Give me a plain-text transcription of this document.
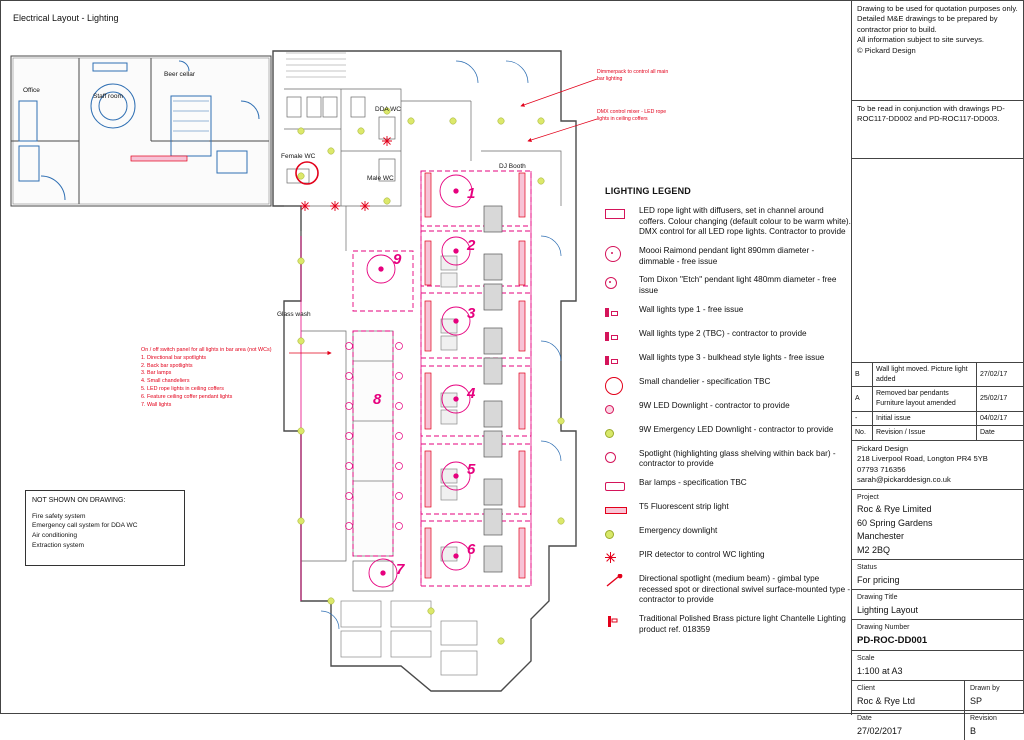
Office
Beer cellar
Staff room
DDA WC
Female WC
Male WC
DJ Booth
Glass wash
1
2
9
3
4
8
5
6
7
Dimmerpack to control all main bar lighting
DMX control mixer - LED rope lights in ceiling coffers
Electrical Layout - Lighting
On / off switch panel for all lights in bar area (not WCs)
1. Directional bar spotlights
2. Back bar spotlights
3. Bar lamps
4. Small chandeliers
5. LED rope lights in ceiling coffers
6. Feature ceiling coffer pendant lights
7. Wall lights
NOT SHOWN ON DRAWING:
Fire safety system
Emergency call system for DDA WC
Air conditioning
Extraction system
LIGHTING LEGEND
LED rope light with diffusers, set in channel around coffers. Colour changing (default colour to be warm white). DMX control for all LED rope lights. Contractor to provide
Moooi Raimond pendant light 890mm diameter - dimmable - free issue
Tom Dixon "Etch" pendant light 480mm diameter - free issue
Wall lights type 1 - free issue
Wall lights type 2 (TBC) - contractor to provide
Wall lights type 3 - bulkhead style lights - free issue
Small chandelier - specification TBC
9W LED Downlight - contractor to provide
9W Emergency LED Downlight - contractor to provide
Spotlight (highlighting glass shelving within back bar) - contractor to provide
Bar lamps - specification TBC
T5 Fluorescent strip light
Emergency downlight
PIR detector to control WC lighting
Directional spotlight (medium beam) - gimbal type recessed spot or directional swivel surface-mounted type - contractor to provide
Traditional Polished Brass picture light Chantelle Lighting product ref. 018359
Drawing to be used for quotation purposes only.
Detailed M&E drawings to be prepared by contractor prior to build.
All information subject to site surveys.
© Pickard Design
To be read in conjunction with drawings PD-ROC117-DD002 and PD-ROC117-DD003.
B	Wall light moved. Picture light added	27/02/17
A	Removed bar pendants Furniture layout amended	25/02/17
-	Initial issue	04/02/17
No.	Revision / Issue	Date
Pickard Design
218 Liverpool Road, Longton PR4 5YB
07793 716356
sarah@pickarddesign.co.uk
Project
Roc & Rye Limited
60 Spring Gardens
Manchester
M2 2BQ
Status
For pricing
Drawing Title
Lighting Layout
Drawing Number
PD-ROC-DD001
Scale
1:100 at A3
Client
Roc & Rye Ltd
Drawn by
SP
Date
27/02/2017
Revision
B
